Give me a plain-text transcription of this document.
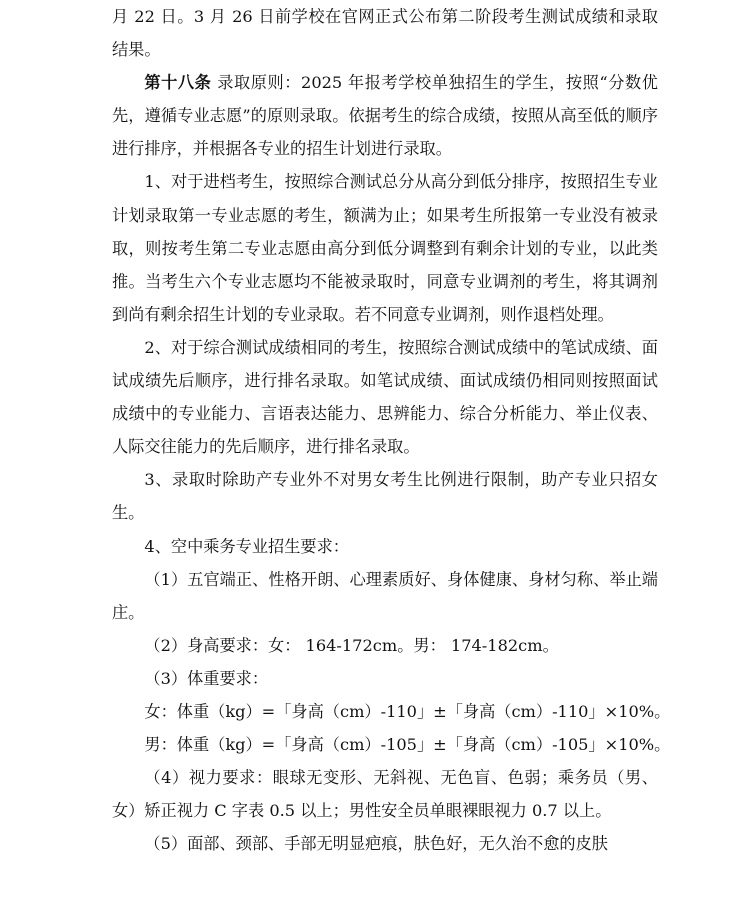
月 22 日。3 月 26 日前学校在官网正式公布第二阶段考生测试成绩和录取结果。

第十八条 录取原则：2025 年报考学校单独招生的学生，按照“分数优先，遵循专业志愿”的原则录取。依据考生的综合成绩，按照从高至低的顺序进行排序，并根据各专业的招生计划进行录取。

1、对于进档考生，按照综合测试总分从高分到低分排序，按照招生专业计划录取第一专业志愿的考生，额满为止；如果考生所报第一专业没有被录取，则按考生第二专业志愿由高分到低分调整到有剩余计划的专业，以此类推。当考生六个专业志愿均不能被录取时，同意专业调剂的考生，将其调剂到尚有剩余招生计划的专业录取。若不同意专业调剂，则作退档处理。

2、对于综合测试成绩相同的考生，按照综合测试成绩中的笔试成绩、面试成绩先后顺序，进行排名录取。如笔试成绩、面试成绩仍相同则按照面试成绩中的专业能力、言语表达能力、思辨能力、综合分析能力、举止仪表、人际交往能力的先后顺序，进行排名录取。

3、录取时除助产专业外不对男女考生比例进行限制，助产专业只招女生。

4、空中乘务专业招生要求：

（1）五官端正、性格开朗、心理素质好、身体健康、身材匀称、举止端庄。

（2）身高要求：女： 164-172cm。男： 174-182cm。

（3）体重要求：

女：体重（kg）=「身高（cm）-110」±「身高（cm）-110」×10%。

男：体重（kg）=「身高（cm）-105」±「身高（cm）-105」×10%。

（4）视力要求：眼球无变形、无斜视、无色盲、色弱；乘务员（男、女）矫正视力 C 字表 0.5 以上；男性安全员单眼裸眼视力 0.7 以上。

（5）面部、颈部、手部无明显疤痕，肤色好，无久治不愈的皮肤
